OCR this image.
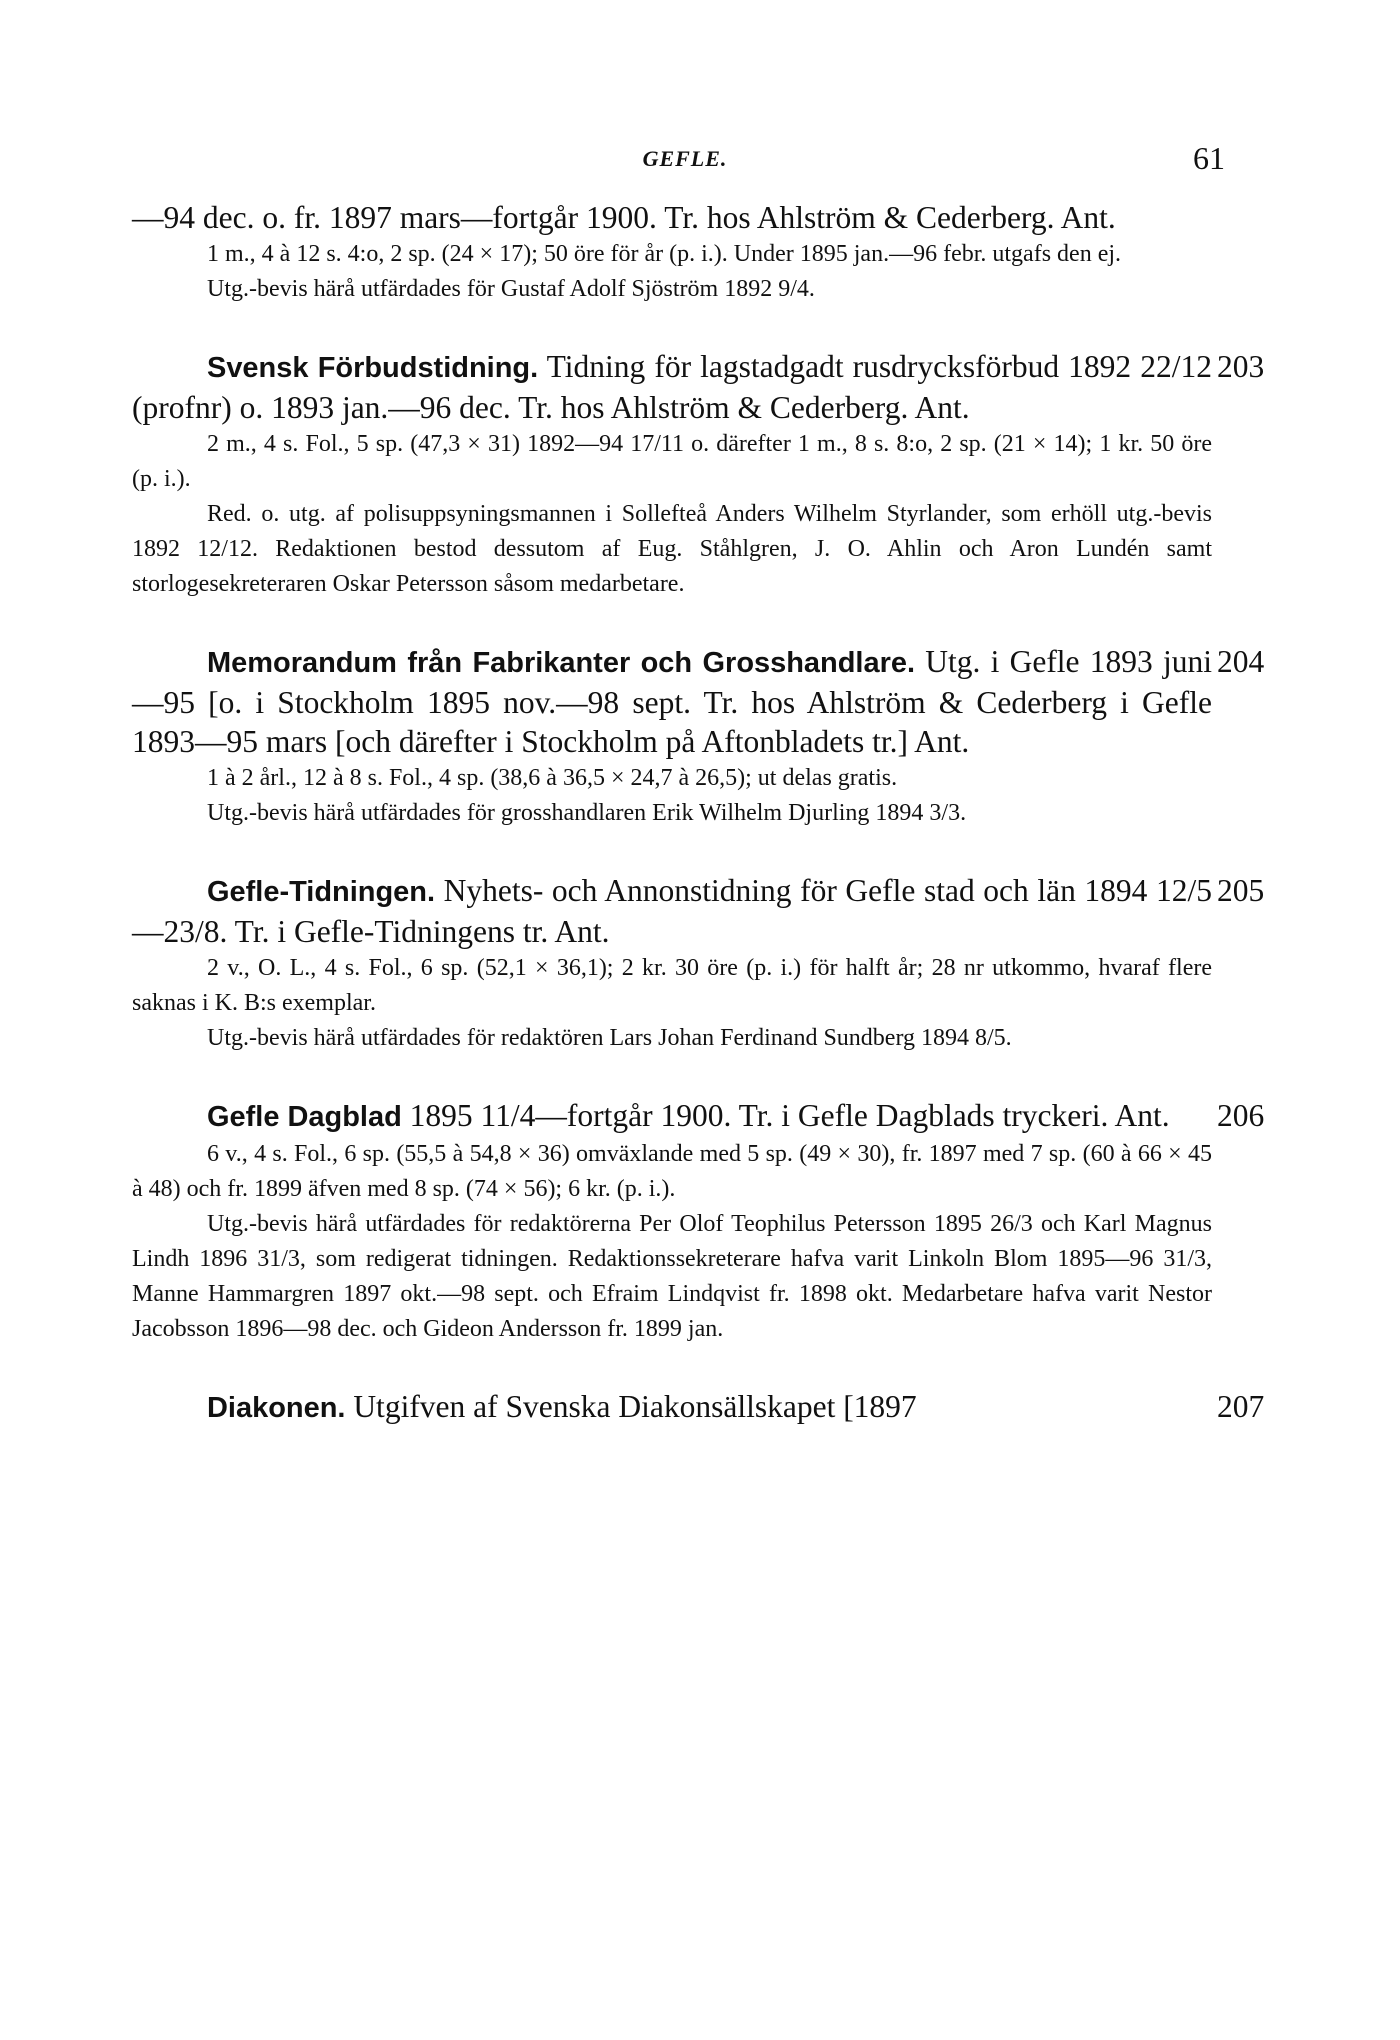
GEFLE.	61

—94 dec. o. fr. 1897 mars—fortgår 1900. Tr. hos Ahlström & Cederberg. Ant.

1 m., 4 à 12 s. 4:o, 2 sp. (24 × 17); 50 öre för år (p. i.). Under 1895 jan.—96 febr. utgafs den ej.

Utg.-bevis härå utfärdades för Gustaf Adolf Sjöström 1892 9/4.

203

Svensk Förbudstidning. Tidning för lagstadgadt rusdrycksförbud 1892 22/12 (profnr) o. 1893 jan.—96 dec. Tr. hos Ahlström & Cederberg. Ant.

2 m., 4 s. Fol., 5 sp. (47,3 × 31) 1892—94 17/11 o. därefter 1 m., 8 s. 8:o, 2 sp. (21 × 14); 1 kr. 50 öre (p. i.).

Red. o. utg. af polisuppsyningsmannen i Sollefteå Anders Wilhelm Styrlander, som erhöll utg.-bevis 1892 12/12. Redaktionen bestod dessutom af Eug. Ståhlgren, J. O. Ahlin och Aron Lundén samt storlogesekreteraren Oskar Petersson såsom medarbetare.

204

Memorandum från Fabrikanter och Grosshandlare. Utg. i Gefle 1893 juni—95 [o. i Stockholm 1895 nov.—98 sept. Tr. hos Ahlström & Cederberg i Gefle 1893—95 mars [och därefter i Stockholm på Aftonbladets tr.] Ant.

1 à 2 årl., 12 à 8 s. Fol., 4 sp. (38,6 à 36,5 × 24,7 à 26,5); ut delas gratis.

Utg.-bevis härå utfärdades för grosshandlaren Erik Wilhelm Djurling 1894 3/3.

205

Gefle-Tidningen. Nyhets- och Annonstidning för Gefle stad och län 1894 12/5—23/8. Tr. i Gefle-Tidningens tr. Ant.

2 v., O. L., 4 s. Fol., 6 sp. (52,1 × 36,1); 2 kr. 30 öre (p. i.) för halft år; 28 nr utkommo, hvaraf flere saknas i K. B:s exemplar.

Utg.-bevis härå utfärdades för redaktören Lars Johan Ferdinand Sundberg 1894 8/5.

206

Gefle Dagblad 1895 11/4—fortgår 1900. Tr. i Gefle Dagblads tryckeri. Ant.

6 v., 4 s. Fol., 6 sp. (55,5 à 54,8 × 36) omväxlande med 5 sp. (49 × 30), fr. 1897 med 7 sp. (60 à 66 × 45 à 48) och fr. 1899 äfven med 8 sp. (74 × 56); 6 kr. (p. i.).

Utg.-bevis härå utfärdades för redaktörerna Per Olof Teophilus Petersson 1895 26/3 och Karl Magnus Lindh 1896 31/3, som redigerat tidningen. Redaktionssekreterare hafva varit Linkoln Blom 1895—96 31/3, Manne Hammargren 1897 okt.—98 sept. och Efraim Lindqvist fr. 1898 okt. Medarbetare hafva varit Nestor Jacobsson 1896—98 dec. och Gideon Andersson fr. 1899 jan.

207

Diakonen. Utgifven af Svenska Diakonsällskapet [1897
